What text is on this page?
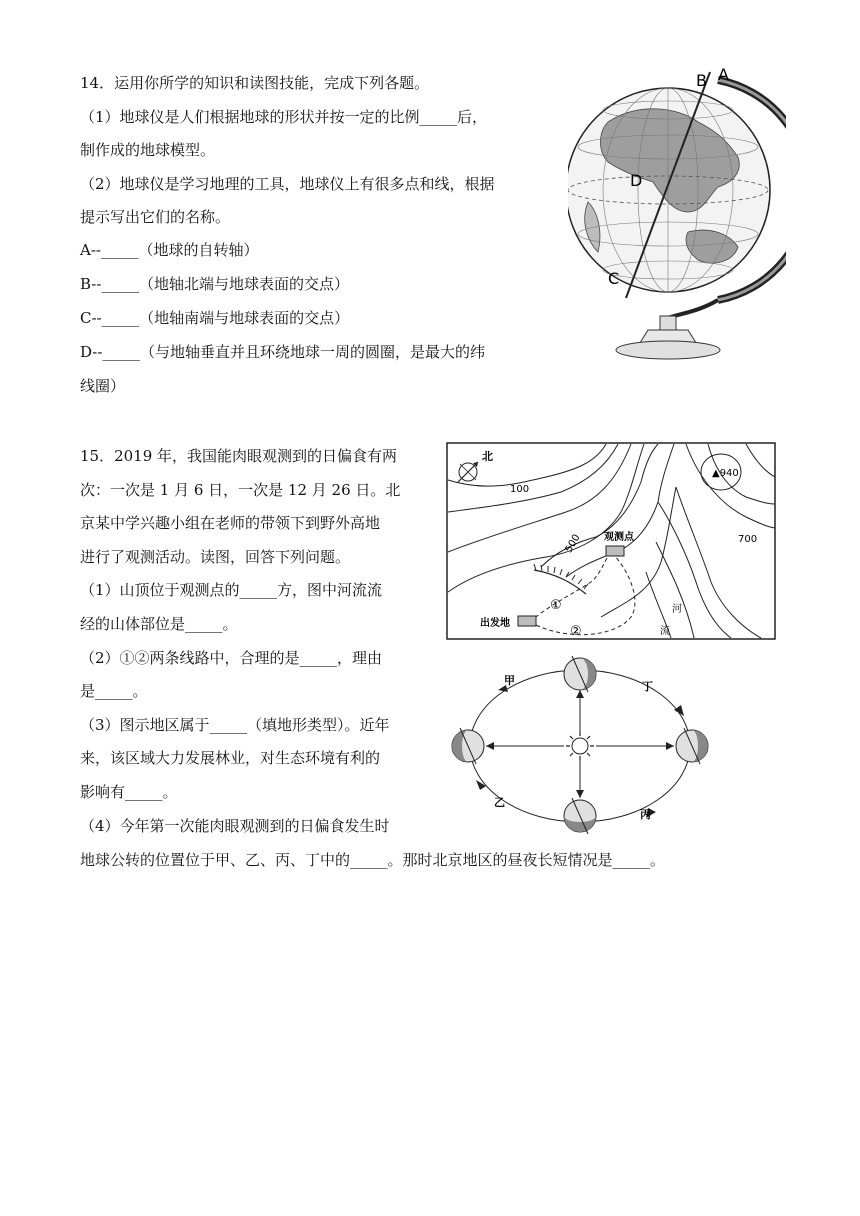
14．运用你所学的知识和读图技能，完成下列各题。
（1）地球仪是人们根据地球的形状并按一定的比例_____后，
制作成的地球模型。
（2）地球仪是学习地理的工具，地球仪上有很多点和线，根据
提示写出它们的名称。
A--_____（地球的自转轴）
B--_____（地轴北端与地球表面的交点）
C--_____（地轴南端与地球表面的交点）
D--_____（与地轴垂直并且环绕地球一周的圆圈，是最大的纬
线圈）
A
B
C
D
15．2019 年，我国能肉眼观测到的日偏食有两
次：一次是 1 月 6 日，一次是 12 月 26 日。北
京某中学兴趣小组在老师的带领下到野外高地
进行了观测活动。读图，回答下列问题。
（1）山顶位于观测点的_____方，图中河流流
经的山体部位是_____。
（2）①②两条线路中，合理的是_____，理由
是_____。
（3）图示地区属于_____（填地形类型）。近年
来，该区域大力发展林业，对生态环境有利的
影响有_____。
（4）今年第一次能肉眼观测到的日偏食发生时
地球公转的位置位于甲、乙、丙、丁中的_____。那时北京地区的昼夜长短情况是_____。
北
100
500	700
▲940
观测点
出发地
①
②
河
流
甲	丁
乙
丙
